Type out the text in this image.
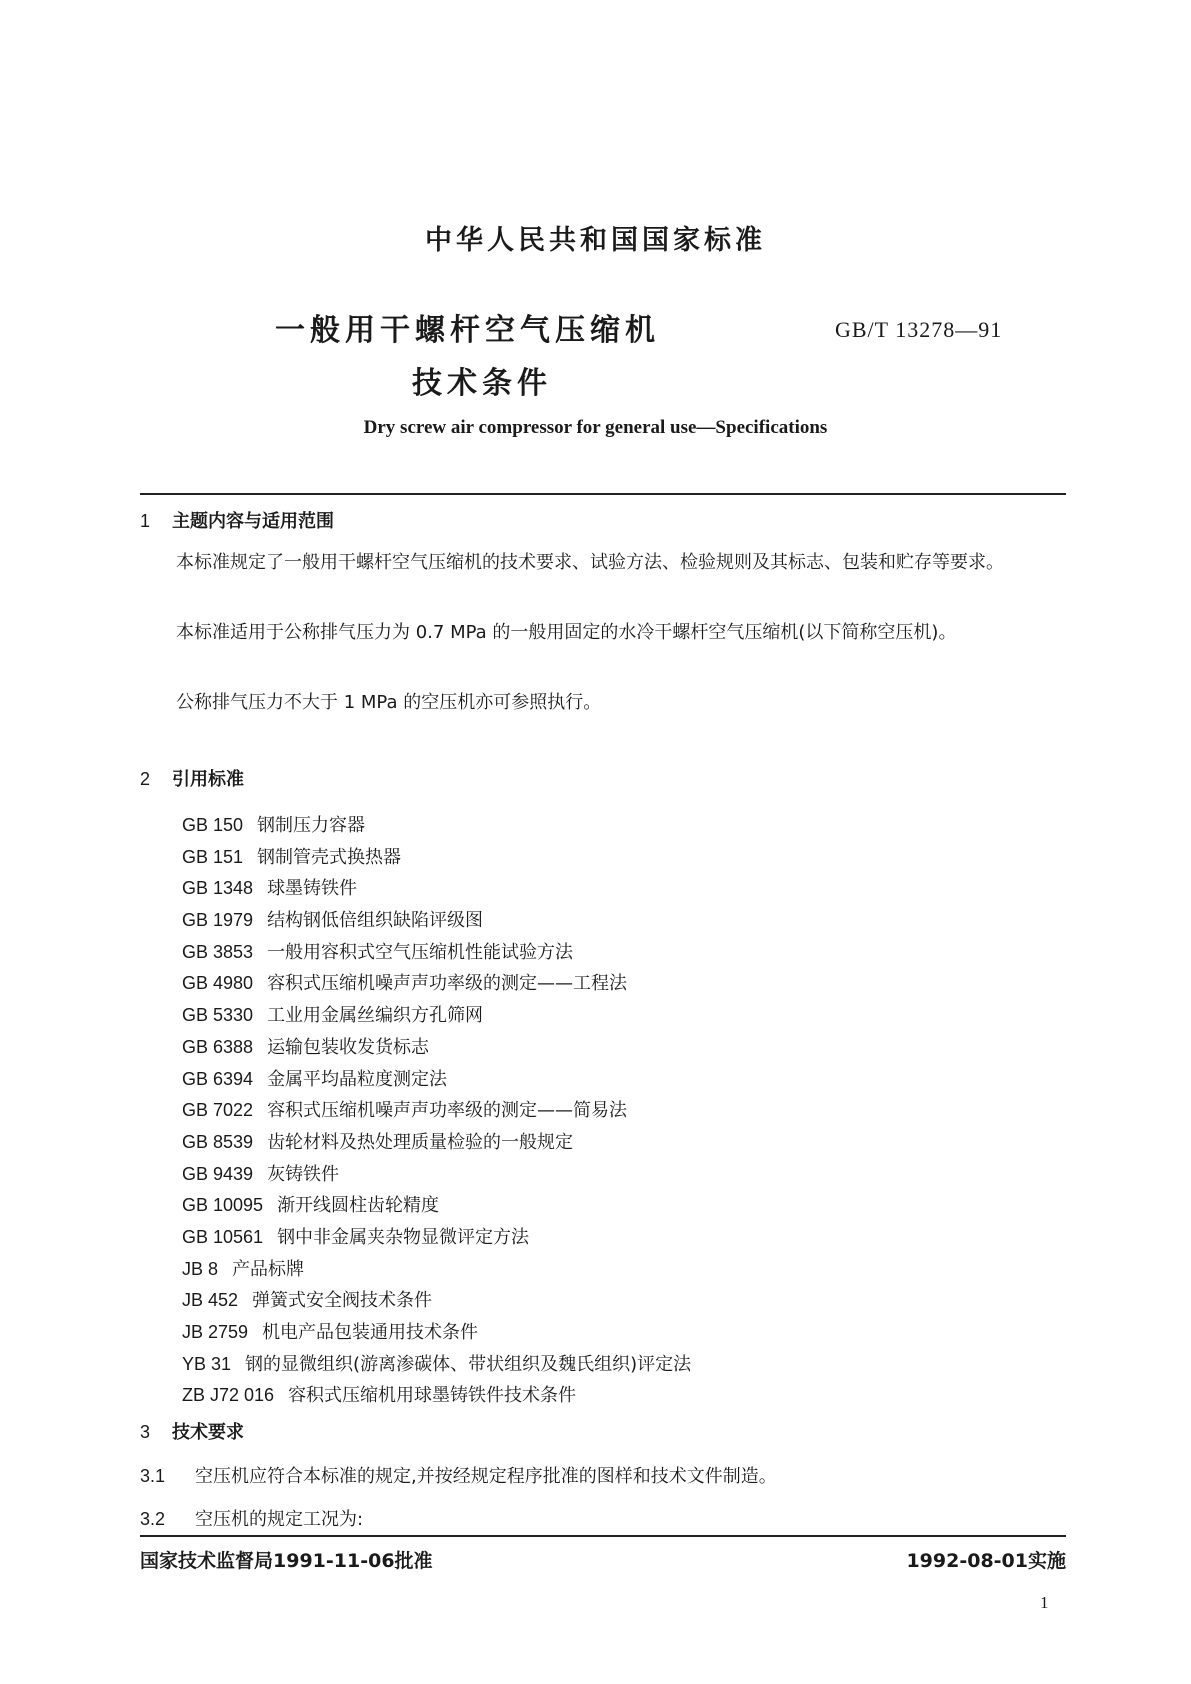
中华人民共和国国家标准
一般用干螺杆空气压缩机
技术条件
GB/T 13278—91
Dry screw air compressor for general use—Specifications
1 主题内容与适用范围
本标准规定了一般用干螺杆空气压缩机的技术要求、试验方法、检验规则及其标志、包装和贮存等要求。
本标准适用于公称排气压力为 0.7 MPa 的一般用固定的水冷干螺杆空气压缩机(以下简称空压机)。
公称排气压力不大于 1 MPa 的空压机亦可参照执行。
2 引用标准
GB 150 钢制压力容器
GB 151 钢制管壳式换热器
GB 1348 球墨铸铁件
GB 1979 结构钢低倍组织缺陷评级图
GB 3853 一般用容积式空气压缩机性能试验方法
GB 4980 容积式压缩机噪声声功率级的测定——工程法
GB 5330 工业用金属丝编织方孔筛网
GB 6388 运输包装收发货标志
GB 6394 金属平均晶粒度测定法
GB 7022 容积式压缩机噪声声功率级的测定——简易法
GB 8539 齿轮材料及热处理质量检验的一般规定
GB 9439 灰铸铁件
GB 10095 渐开线圆柱齿轮精度
GB 10561 钢中非金属夹杂物显微评定方法
JB 8 产品标牌
JB 452 弹簧式安全阀技术条件
JB 2759 机电产品包装通用技术条件
YB 31 钢的显微组织(游离渗碳体、带状组织及魏氏组织)评定法
ZB J72 016 容积式压缩机用球墨铸铁件技术条件
3 技术要求
3.1 空压机应符合本标准的规定,并按经规定程序批准的图样和技术文件制造。
3.2 空压机的规定工况为:
国家技术监督局1991-11-06批准	1992-08-01实施
1
